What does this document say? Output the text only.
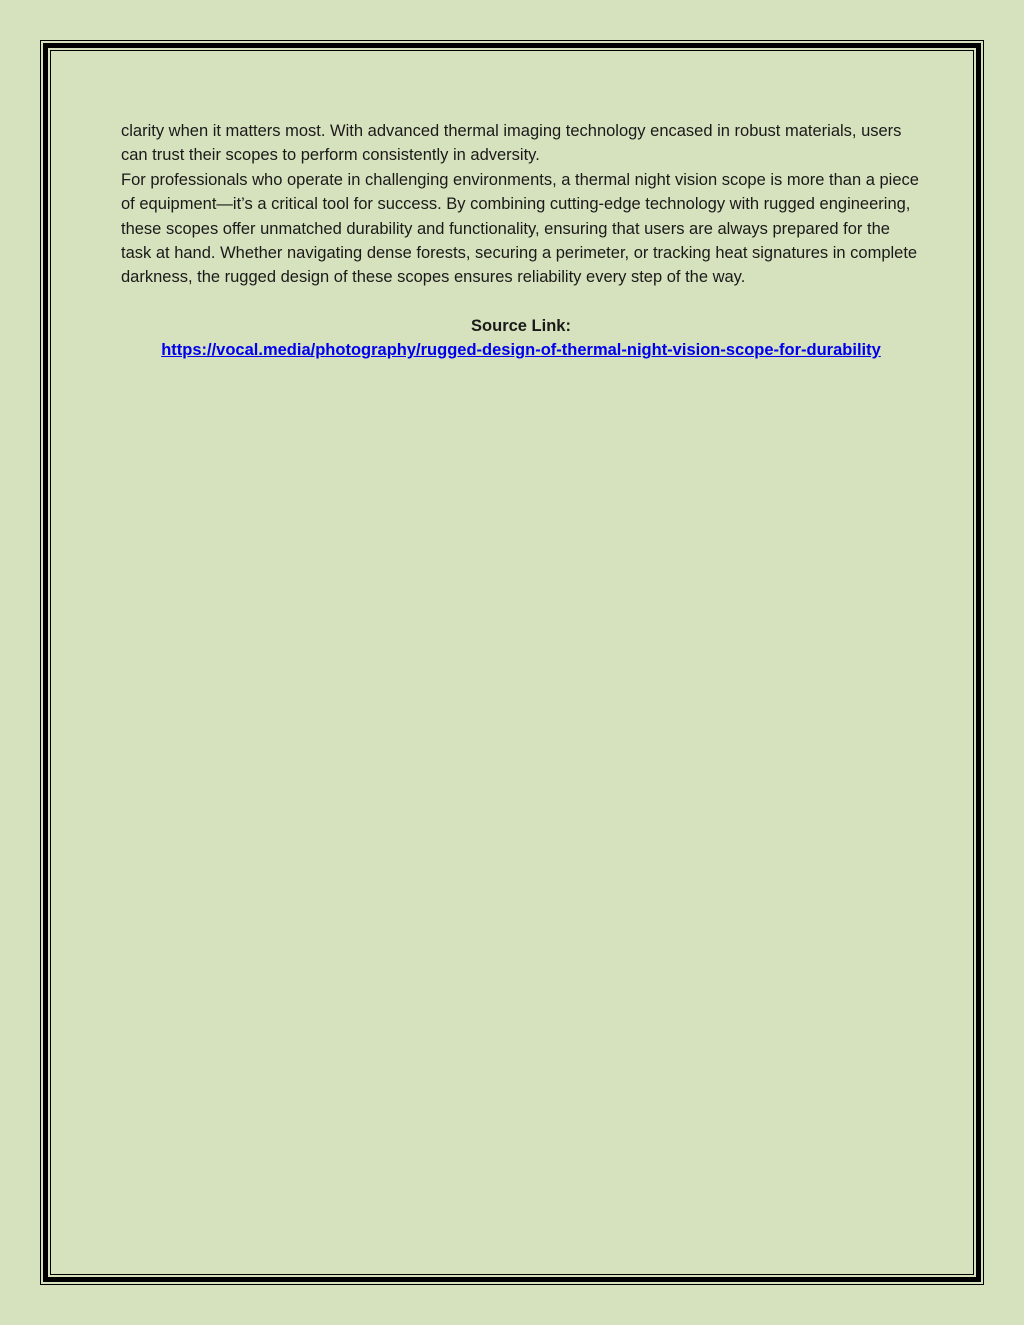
clarity when it matters most. With advanced thermal imaging technology encased in robust materials, users can trust their scopes to perform consistently in adversity.

For professionals who operate in challenging environments, a thermal night vision scope is more than a piece of equipment—it’s a critical tool for success. By combining cutting-edge technology with rugged engineering, these scopes offer unmatched durability and functionality, ensuring that users are always prepared for the task at hand. Whether navigating dense forests, securing a perimeter, or tracking heat signatures in complete darkness, the rugged design of these scopes ensures reliability every step of the way.

Source Link:
https://vocal.media/photography/rugged-design-of-thermal-night-vision-scope-for-durability
